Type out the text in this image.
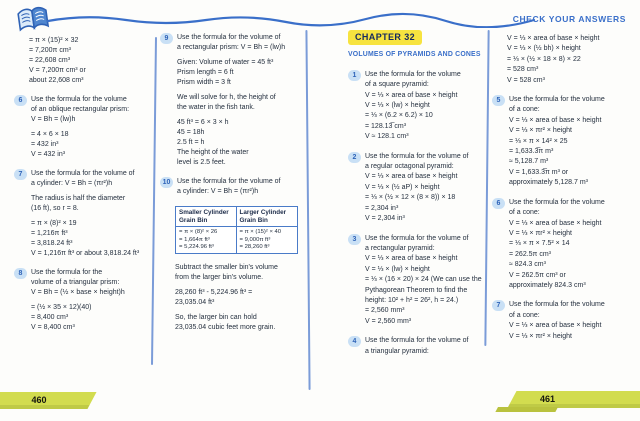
CHECK YOUR ANSWERS
= π × (15)² × 32
= 7,200π cm³
= 22,608 cm³
V = 7,200π cm³ or
about 22,608 cm³
6	Use the formula for the volume
of an oblique rectangular prism:
V = Bh = (lw)h
= 4 × 6 × 18
= 432 in³
V = 432 in³
7	Use the formula for the volume of
a cylinder: V = Bh = (πr²)h
The radius is half the diameter
(16 ft), so r = 8.
= π × (8)² × 19
= 1,216π ft³
= 3,818.24 ft³
V = 1,216π ft³ or about 3,818.24 ft³
8	Use the formula for the
volume of a triangular prism:
V = Bh = (½ × base × height)h
= (½ × 35 × 12)(40)
= 8,400 cm³
V = 8,400 cm³
9	Use the formula for the volume of
a rectangular prism: V = Bh = (lw)h
Given: Volume of water = 45 ft³
Prism length = 6 ft
Prism width = 3 ft
We will solve for h, the height of
the water in the fish tank.
45 ft³ = 6 × 3 × h
45 = 18h
2.5 ft = h
The height of the water
level is 2.5 feet.
10 Use the formula for the volume of
a cylinder: V = Bh = (πr²)h
Smaller Cylinder Grain Bin	Larger Cylinder Grain Bin

= π × (8)² × 26
= 1,664π ft³
= 5,224.96 ft³

= π × (15)² × 40
= 9,000π ft³
= 28,260 ft³
Subtract the smaller bin's volume
from the larger bin's volume.
28,260 ft³ - 5,224.96 ft³ =
23,035.04 ft³
So, the larger bin can hold
23,035.04 cubic feet more grain.
CHAPTER 32
VOLUMES OF PYRAMIDS AND CONES
1	Use the formula for the volume
of a square pyramid:
V = ⅓ × area of base × height
V = ⅓ × (lw) × height
= ⅓ × (6.2 × 6.2) × 10
= 128.13̅ cm³
V ≈ 128.1 cm³
2	Use the formula for the volume of
a regular octagonal pyramid:
V = ⅓ × area of base × height
V = ⅓ × (½ aP) × height
= ⅓ × (½ × 12 × (8 × 8)) × 18
= 2,304 in³
V = 2,304 in³
3	Use the formula for the volume of
a rectangular pyramid:
V = ⅓ × area of base × height
V = ⅓ × (lw) × height
= ⅓ × (16 × 20) × 24 (We can use the
Pythagorean Theorem to find the
height: 10² + h² = 26², h = 24.)
= 2,560 mm³
V = 2,560 mm³
4	Use the formula for the volume of
a triangular pyramid:
V = ⅓ × area of base × height
V = ⅓ × (½ bh) × height
= ⅓ × (½ × 18 × 8) × 22
= 528 cm³
V = 528 cm³
5	Use the formula for the volume
of a cone:
V = ⅓ × area of base × height
V = ⅓ × πr² × height
= ⅓ × π × 14² × 25
= 1,633.3̅π m³
≈ 5,128.7 m³
V = 1,633.3̅π m³ or
approximately 5,128.7 m³
6	Use the formula for the volume
of a cone:
V = ⅓ × area of base × height
V = ⅓ × πr² × height
= ⅓ × π × 7.5² × 14
= 262.5π cm³
≈ 824.3 cm³
V = 262.5π cm³ or
approximately 824.3 cm³
7	Use the formula for the volume
of a cone:
V = ⅓ × area of base × height
V = ⅓ × πr² × height
460	461
